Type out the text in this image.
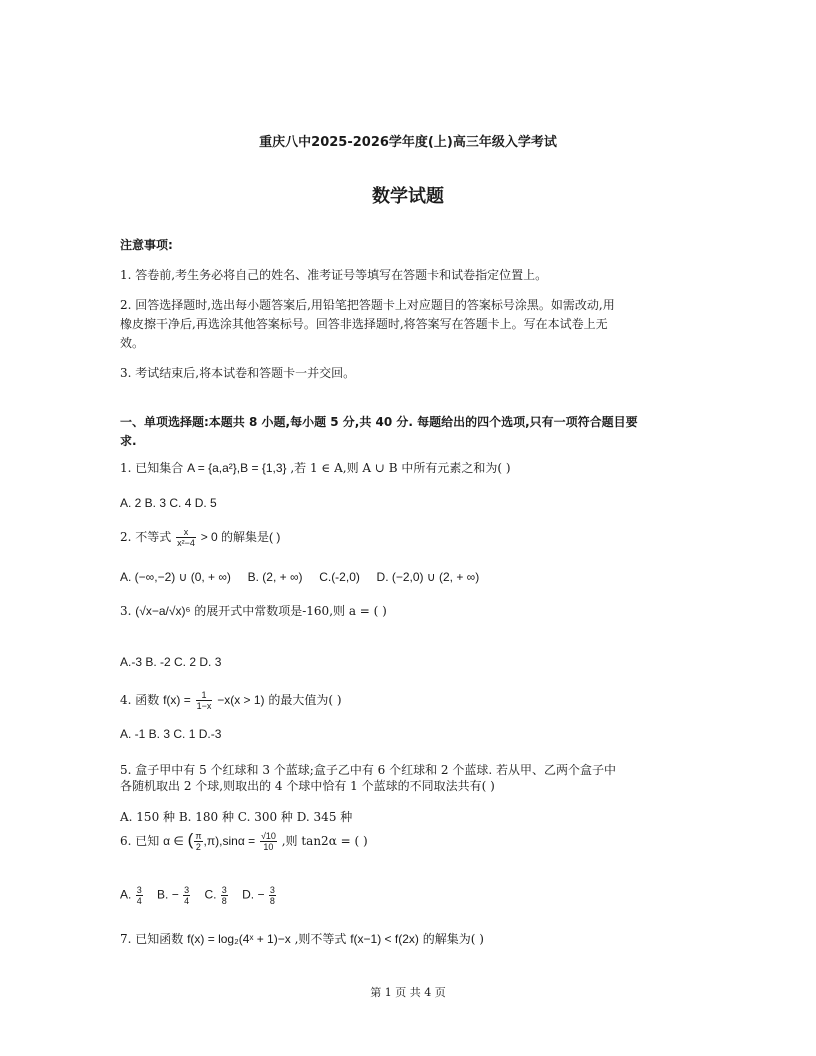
重庆八中2025-2026学年度(上)高三年级入学考试
数学试题
注意事项:
1. 答卷前,考生务必将自己的姓名、准考证号等填写在答题卡和试卷指定位置上。
2. 回答选择题时,选出每小题答案后,用铅笔把答题卡上对应题目的答案标号涂黑。如需改动,用
橡皮擦干净后,再选涂其他答案标号。回答非选择题时,将答案写在答题卡上。写在本试卷上无
效。
3. 考试结束后,将本试卷和答题卡一并交回。
一、单项选择题:本题共 8 小题,每小题 5 分,共 40 分. 每题给出的四个选项,只有一项符合题目要
求.
1. 已知集合 A = {a,a²},B = {1,3} ,若 1 ∈ A,则 A ∪ B 中所有元素之和为( )
A. 2 B. 3 C. 4 D. 5
2. 不等式 $\frac{x}{\text{x²−4}} > 0$ 的解集是( )
A. (−∞,−2) ∪ (0, + ∞) B. (2, + ∞) C.(-2,0) D. (−2,0) ∪ (2, + ∞)
3. (√x−a/√x)⁶ 的展开式中常数项是-160,则 a = ( )
A.-3 B. -2 C. 2 D. 3
4. 函数 $f(x) = \frac{1}{1-x} -x(x > 1)$ 的最大值为( )
A. -1 B. 3 C. 1 D.-3
5. 盒子甲中有 5 个红球和 3 个蓝球;盒子乙中有 6 个红球和 2 个蓝球. 若从甲、乙两个盒子中
各随机取出 2 个球,则取出的 4 个球中恰有 1 个蓝球的不同取法共有( )
A. 150 种 B. 180 种 C. 300 种 D. 345 种
6. 已知 α ∈ ( $\frac{\pi}{2} ,\pi),\sin\alpha = \frac{√10}{10}$ ,则 tan2α = ( )
A. $\frac{3}{4} B$. − $\frac{3}{4} C$. $\frac{3}{8} D$. − $\frac{3}{8}$
7. 已知函数 f(x) = log₂(4ˣ + 1)−x ,则不等式 f(x−1) < f(2x) 的解集为( )
第 1 页 共 4 页
